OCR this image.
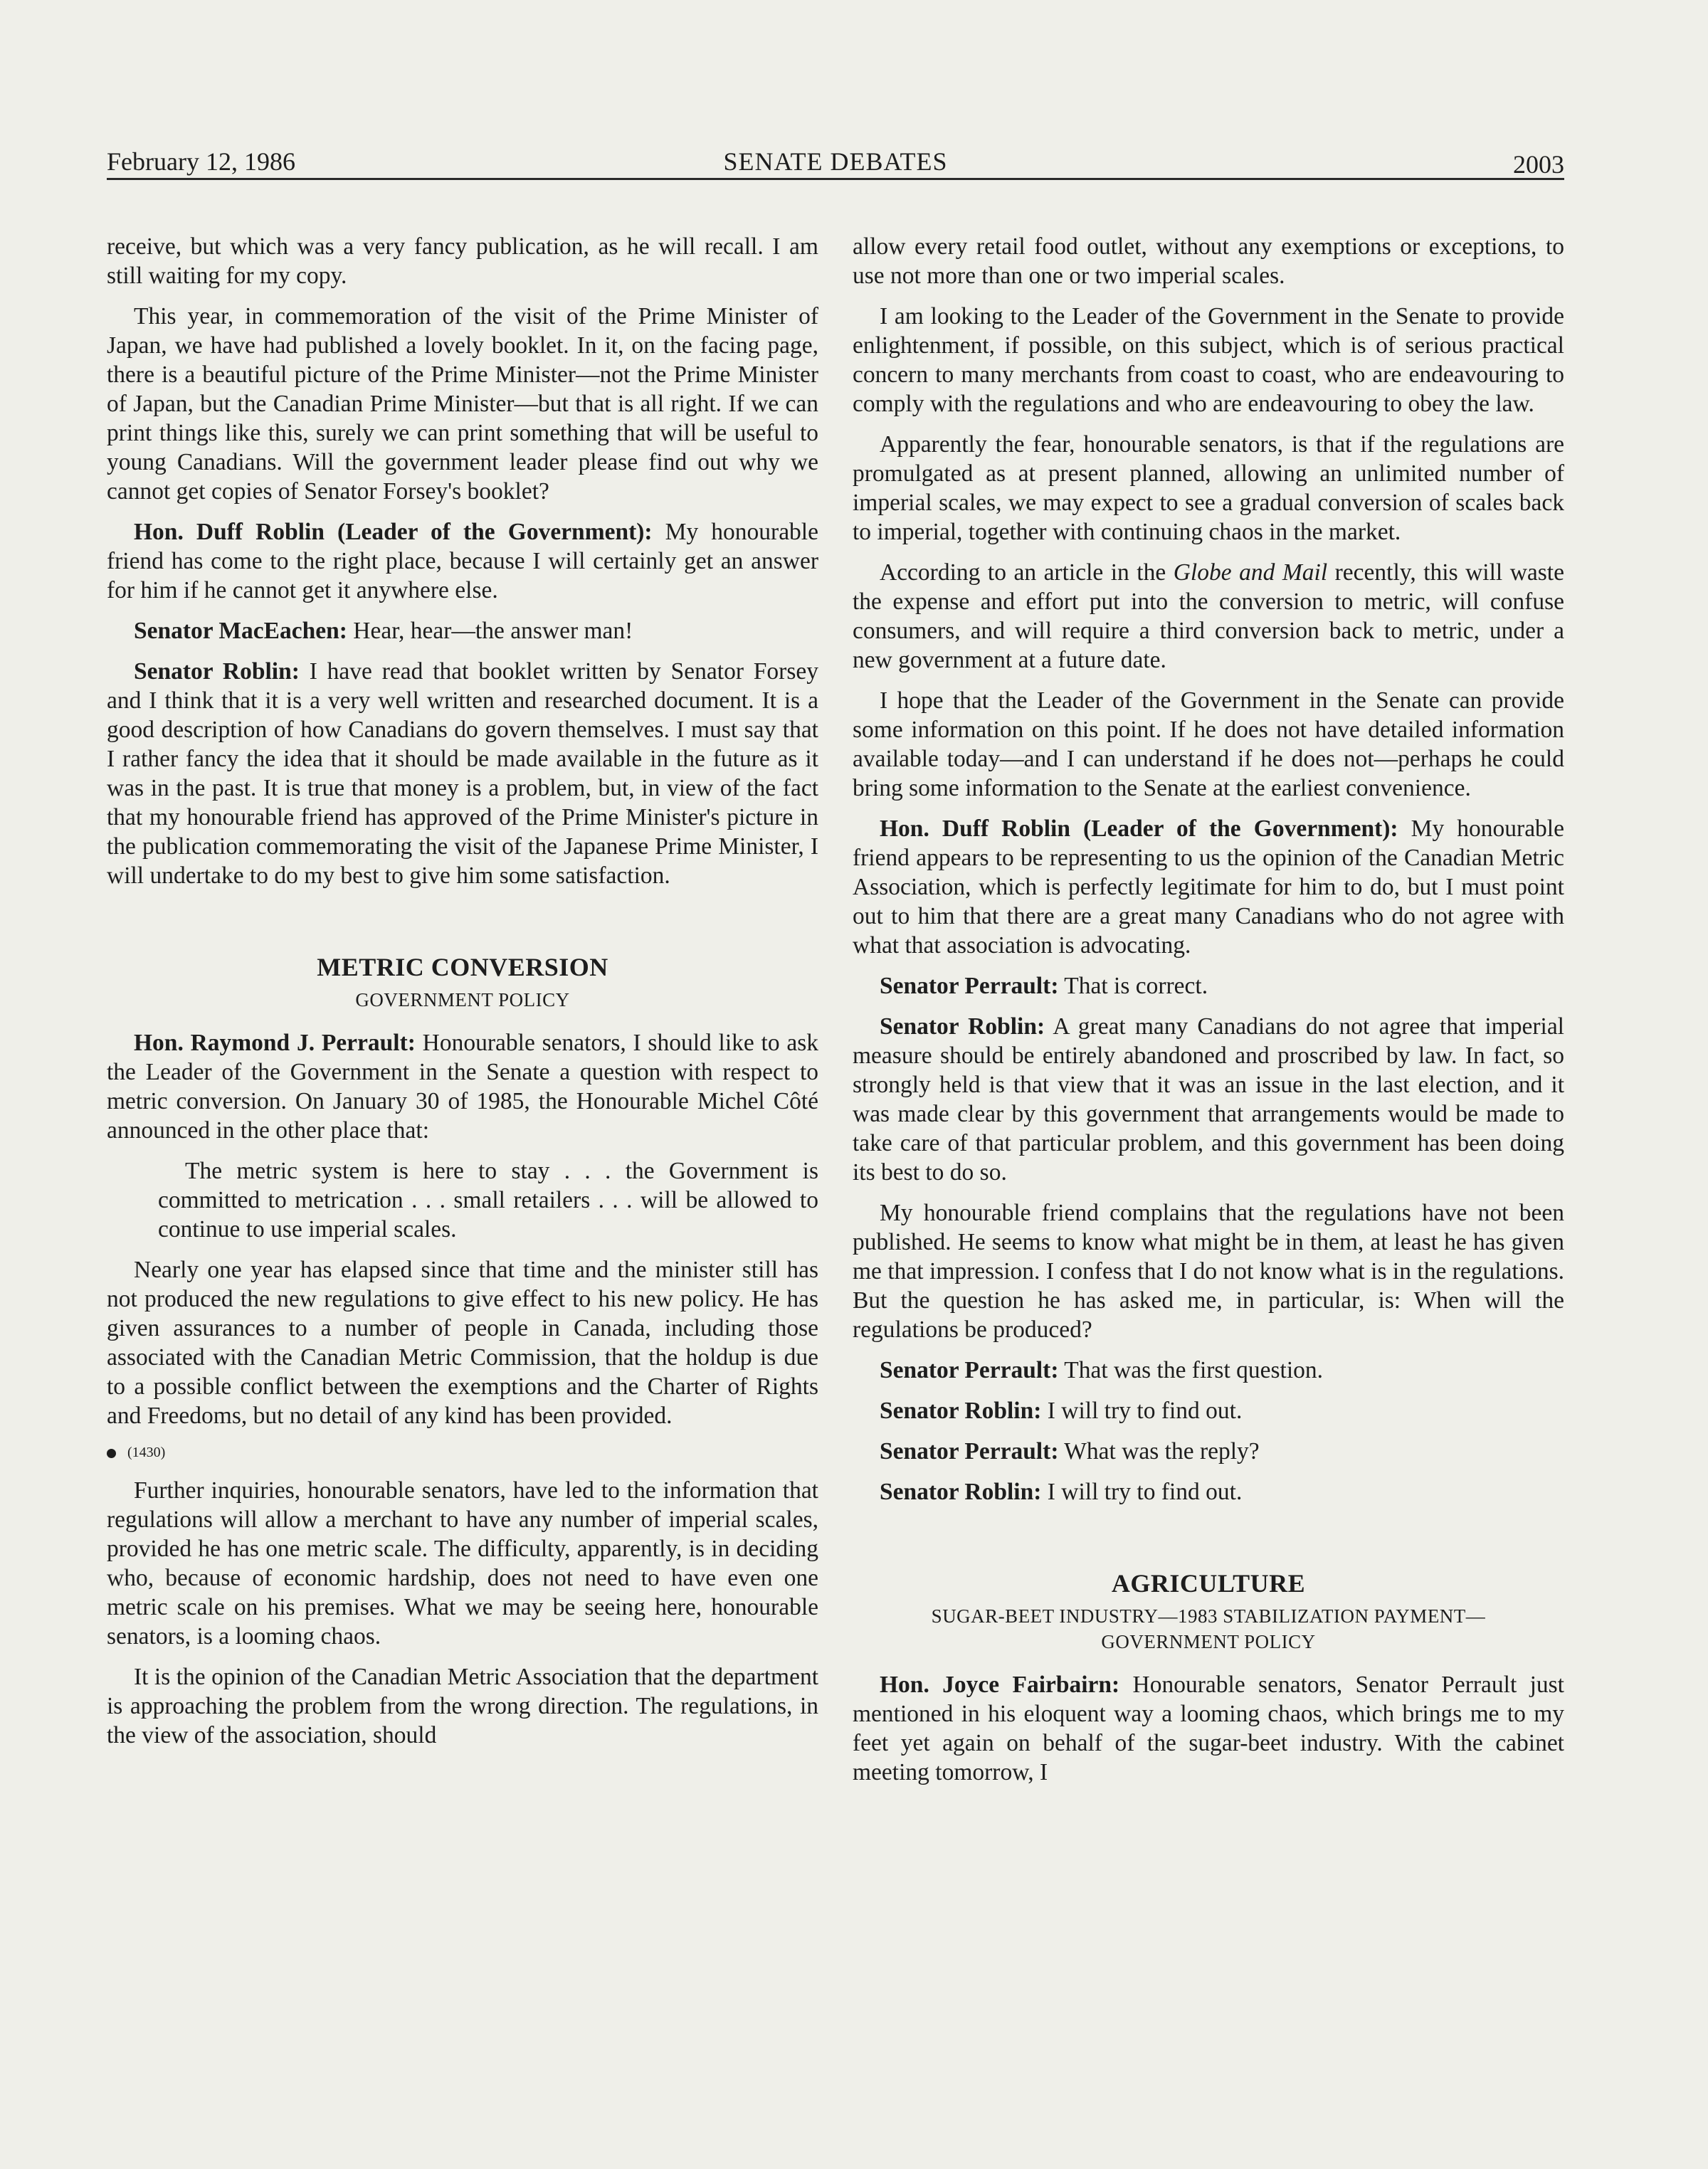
February 12, 1986	SENATE DEBATES	2003

receive, but which was a very fancy publication, as he will recall. I am still waiting for my copy.

This year, in commemoration of the visit of the Prime Minister of Japan, we have had published a lovely booklet. In it, on the facing page, there is a beautiful picture of the Prime Minister—not the Prime Minister of Japan, but the Canadian Prime Minister—but that is all right. If we can print things like this, surely we can print something that will be useful to young Canadians. Will the government leader please find out why we cannot get copies of Senator Forsey's booklet?

Hon. Duff Roblin (Leader of the Government): My honourable friend has come to the right place, because I will certainly get an answer for him if he cannot get it anywhere else.

Senator MacEachen: Hear, hear—the answer man!

Senator Roblin: I have read that booklet written by Senator Forsey and I think that it is a very well written and researched document. It is a good description of how Canadians do govern themselves. I must say that I rather fancy the idea that it should be made available in the future as it was in the past. It is true that money is a problem, but, in view of the fact that my honourable friend has approved of the Prime Minister's picture in the publication commemorating the visit of the Japanese Prime Minister, I will undertake to do my best to give him some satisfaction.

METRIC CONVERSION
GOVERNMENT POLICY

Hon. Raymond J. Perrault: Honourable senators, I should like to ask the Leader of the Government in the Senate a question with respect to metric conversion. On January 30 of 1985, the Honourable Michel Côté announced in the other place that:

The metric system is here to stay . . . the Government is committed to metrication . . . small retailers . . . will be allowed to continue to use imperial scales.

Nearly one year has elapsed since that time and the minister still has not produced the new regulations to give effect to his new policy. He has given assurances to a number of people in Canada, including those associated with the Canadian Metric Commission, that the holdup is due to a possible conflict between the exemptions and the Charter of Rights and Freedoms, but no detail of any kind has been provided.

(1430)

Further inquiries, honourable senators, have led to the information that regulations will allow a merchant to have any number of imperial scales, provided he has one metric scale. The difficulty, apparently, is in deciding who, because of economic hardship, does not need to have even one metric scale on his premises. What we may be seeing here, honourable senators, is a looming chaos.

It is the opinion of the Canadian Metric Association that the department is approaching the problem from the wrong direction. The regulations, in the view of the association, should

allow every retail food outlet, without any exemptions or exceptions, to use not more than one or two imperial scales.

I am looking to the Leader of the Government in the Senate to provide enlightenment, if possible, on this subject, which is of serious practical concern to many merchants from coast to coast, who are endeavouring to comply with the regulations and who are endeavouring to obey the law.

Apparently the fear, honourable senators, is that if the regulations are promulgated as at present planned, allowing an unlimited number of imperial scales, we may expect to see a gradual conversion of scales back to imperial, together with continuing chaos in the market.

According to an article in the Globe and Mail recently, this will waste the expense and effort put into the conversion to metric, will confuse consumers, and will require a third conversion back to metric, under a new government at a future date.

I hope that the Leader of the Government in the Senate can provide some information on this point. If he does not have detailed information available today—and I can understand if he does not—perhaps he could bring some information to the Senate at the earliest convenience.

Hon. Duff Roblin (Leader of the Government): My honourable friend appears to be representing to us the opinion of the Canadian Metric Association, which is perfectly legitimate for him to do, but I must point out to him that there are a great many Canadians who do not agree with what that association is advocating.

Senator Perrault: That is correct.

Senator Roblin: A great many Canadians do not agree that imperial measure should be entirely abandoned and proscribed by law. In fact, so strongly held is that view that it was an issue in the last election, and it was made clear by this government that arrangements would be made to take care of that particular problem, and this government has been doing its best to do so.

My honourable friend complains that the regulations have not been published. He seems to know what might be in them, at least he has given me that impression. I confess that I do not know what is in the regulations. But the question he has asked me, in particular, is: When will the regulations be produced?

Senator Perrault: That was the first question.

Senator Roblin: I will try to find out.

Senator Perrault: What was the reply?

Senator Roblin: I will try to find out.

AGRICULTURE
SUGAR-BEET INDUSTRY—1983 STABILIZATION PAYMENT—
GOVERNMENT POLICY

Hon. Joyce Fairbairn: Honourable senators, Senator Perrault just mentioned in his eloquent way a looming chaos, which brings me to my feet yet again on behalf of the sugar-beet industry. With the cabinet meeting tomorrow, I
